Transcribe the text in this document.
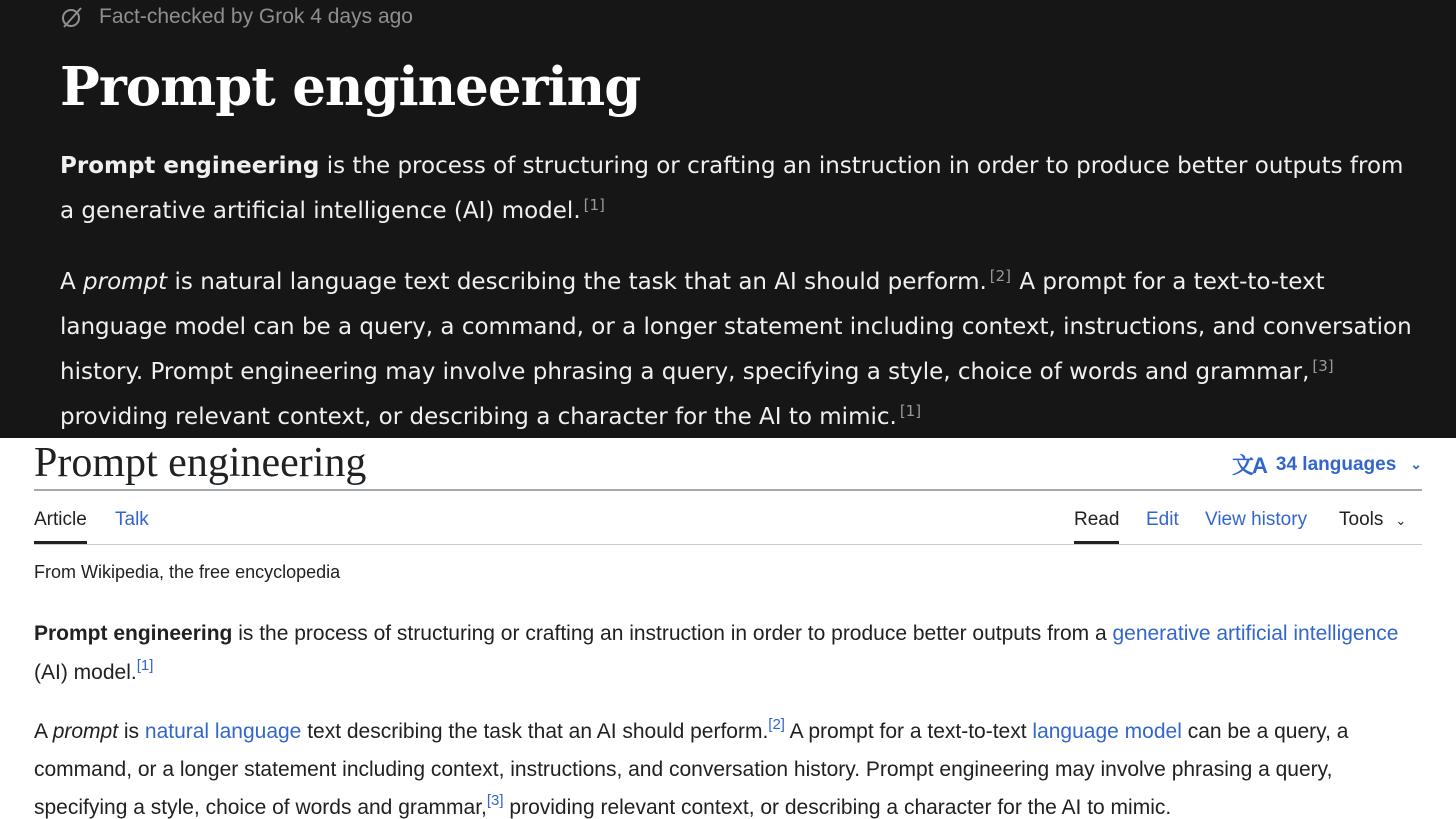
Fact-checked by Grok 4 days ago
Prompt engineering

Prompt engineering is the process of structuring or crafting an instruction in order to produce better outputs from a generative artificial intelligence (AI) model. [1]

A prompt is natural language text describing the task that an AI should perform. [2] A prompt for a text-to-text language model can be a query, a command, or a longer statement including context, instructions, and conversation history. Prompt engineering may involve phrasing a query, specifying a style, choice of words and grammar, [3] providing relevant context, or describing a character for the AI to mimic. [1]

Prompt engineering	文A 34 languages ⌄
Article Talk	Read Edit View history Tools ⌄
From Wikipedia, the free encyclopedia

Prompt engineering is the process of structuring or crafting an instruction in order to produce better outputs from a generative artificial intelligence (AI) model.[1]

A prompt is natural language text describing the task that an AI should perform.[2] A prompt for a text-to-text language model can be a query, a command, or a longer statement including context, instructions, and conversation history. Prompt engineering may involve phrasing a query, specifying a style, choice of words and grammar,[3] providing relevant context, or describing a character for the AI to mimic.
